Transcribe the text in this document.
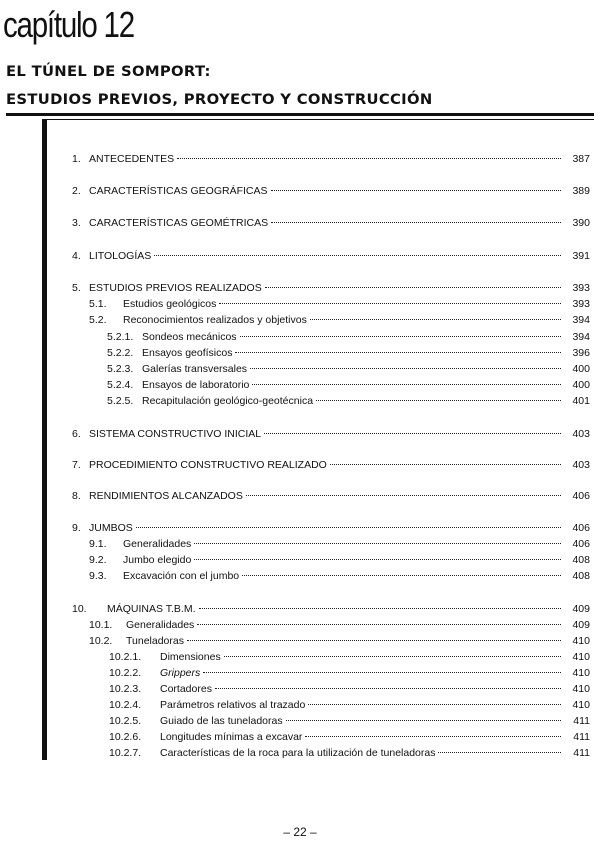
capítulo 12
EL TÚNEL DE SOMPORT:
ESTUDIOS PREVIOS, PROYECTO Y CONSTRUCCIÓN
1. ANTECEDENTES	387
2. CARACTERÍSTICAS GEOGRÁFICAS	389
3. CARACTERÍSTICAS GEOMÉTRICAS	390
4. LITOLOGÍAS	391
5. ESTUDIOS PREVIOS REALIZADOS	393
5.1.	Estudios geológicos	393
5.2.	Reconocimientos realizados y objetivos	394
5.2.1. Sondeos mecánicos	394
5.2.2. Ensayos geofísicos	396
5.2.3. Galerías transversales	400
5.2.4. Ensayos de laboratorio	400
5.2.5. Recapitulación geológico-geotécnica	401
6. SISTEMA CONSTRUCTIVO INICIAL	403
7. PROCEDIMIENTO CONSTRUCTIVO REALIZADO	403
8. RENDIMIENTOS ALCANZADOS	406
9. JUMBOS	406
9.1.	Generalidades	406
9.2.	Jumbo elegido	408
9.3.	Excavación con el jumbo	408
10.	MÁQUINAS T.B.M.	409
10.1.	Generalidades	409
10.2.	Tuneladoras	410
10.2.1.	Dimensiones	410
10.2.2.	Grippers	410
10.2.3.	Cortadores	410
10.2.4.	Parámetros relativos al trazado	410
10.2.5.	Guiado de las tuneladoras	411
10.2.6.	Longitudes mínimas a excavar	411
10.2.7.	Características de la roca para la utilización de tuneladoras	411
– 22 –
